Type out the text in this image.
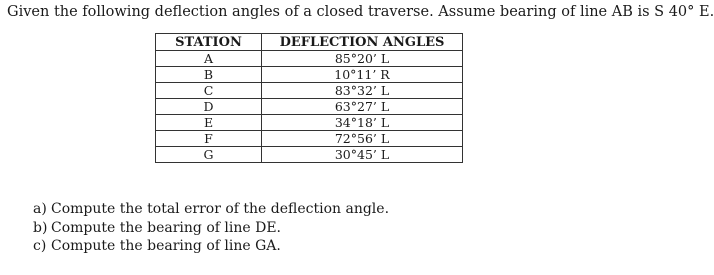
Given the following deflection angles of a closed traverse. Assume bearing of line AB is S 40° E.
STATION	DEFLECTION ANGLES
A	85°20’ L
B	10°11’ R
C	83°32’ L
D	63°27’ L
E	34°18’ L
F	72°56’ L
G	30°45’ L
a) Compute the total error of the deflection angle.
b) Compute the bearing of line DE.
c) Compute the bearing of line GA.
